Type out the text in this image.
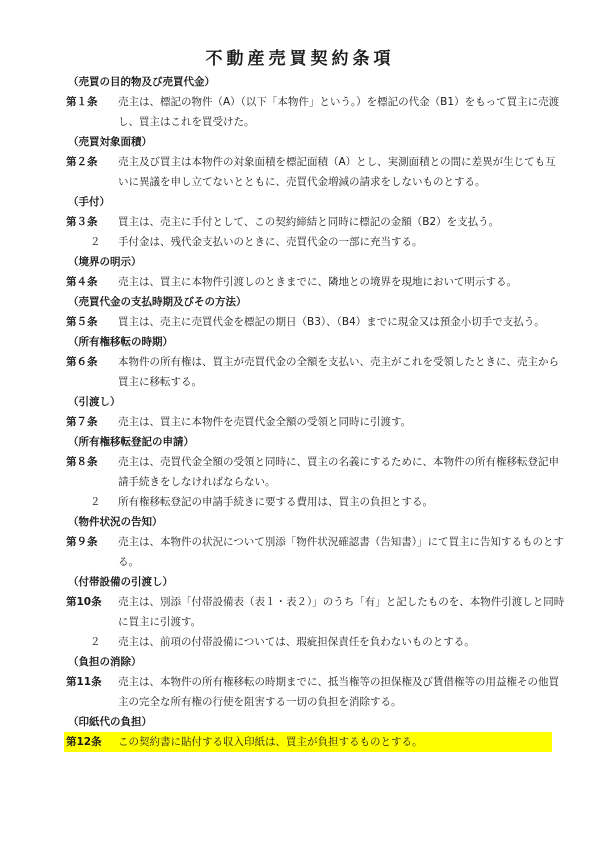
不動産売買契約条項
（売買の目的物及び売買代金）
第１条 売主は、標記の物件（A）（以下「本物件」という。）を標記の代金（B1）をもって買主に売渡し、買主はこれを買受けた。
（売買対象面積）
第２条 売主及び買主は本物件の対象面積を標記面積（A）とし、実測面積との間に差異が生じても互いに異議を申し立てないとともに、売買代金増減の請求をしないものとする。
（手付）
第３条 買主は、売主に手付として、この契約締結と同時に標記の金額（B2）を支払う。
２ 手付金は、残代金支払いのときに、売買代金の一部に充当する。
（境界の明示）
第４条 売主は、買主に本物件引渡しのときまでに、隣地との境界を現地において明示する。
（売買代金の支払時期及びその方法）
第５条 買主は、売主に売買代金を標記の期日（B3）、（B4）までに現金又は預金小切手で支払う。
（所有権移転の時期）
第６条 本物件の所有権は、買主が売買代金の全額を支払い、売主がこれを受領したときに、売主から買主に移転する。
（引渡し）
第７条 売主は、買主に本物件を売買代金全額の受領と同時に引渡す。
（所有権移転登記の申請）
第８条 売主は、売買代金全額の受領と同時に、買主の名義にするために、本物件の所有権移転登記申請手続きをしなければならない。
２ 所有権移転登記の申請手続きに要する費用は、買主の負担とする。
（物件状況の告知）
第９条 売主は、本物件の状況について別添「物件状況確認書（告知書）」にて買主に告知するものとする。
（付帯設備の引渡し）
第10条 売主は、別添「付帯設備表（表１・表２）」のうち「有」と記したものを、本物件引渡しと同時に買主に引渡す。
２ 売主は、前項の付帯設備については、瑕疵担保責任を負わないものとする。
（負担の消除）
第11条 売主は、本物件の所有権移転の時期までに、抵当権等の担保権及び賃借権等の用益権その他買主の完全な所有権の行使を阻害する一切の負担を消除する。
（印紙代の負担）
第12条 この契約書に貼付する収入印紙は、買主が負担するものとする。
